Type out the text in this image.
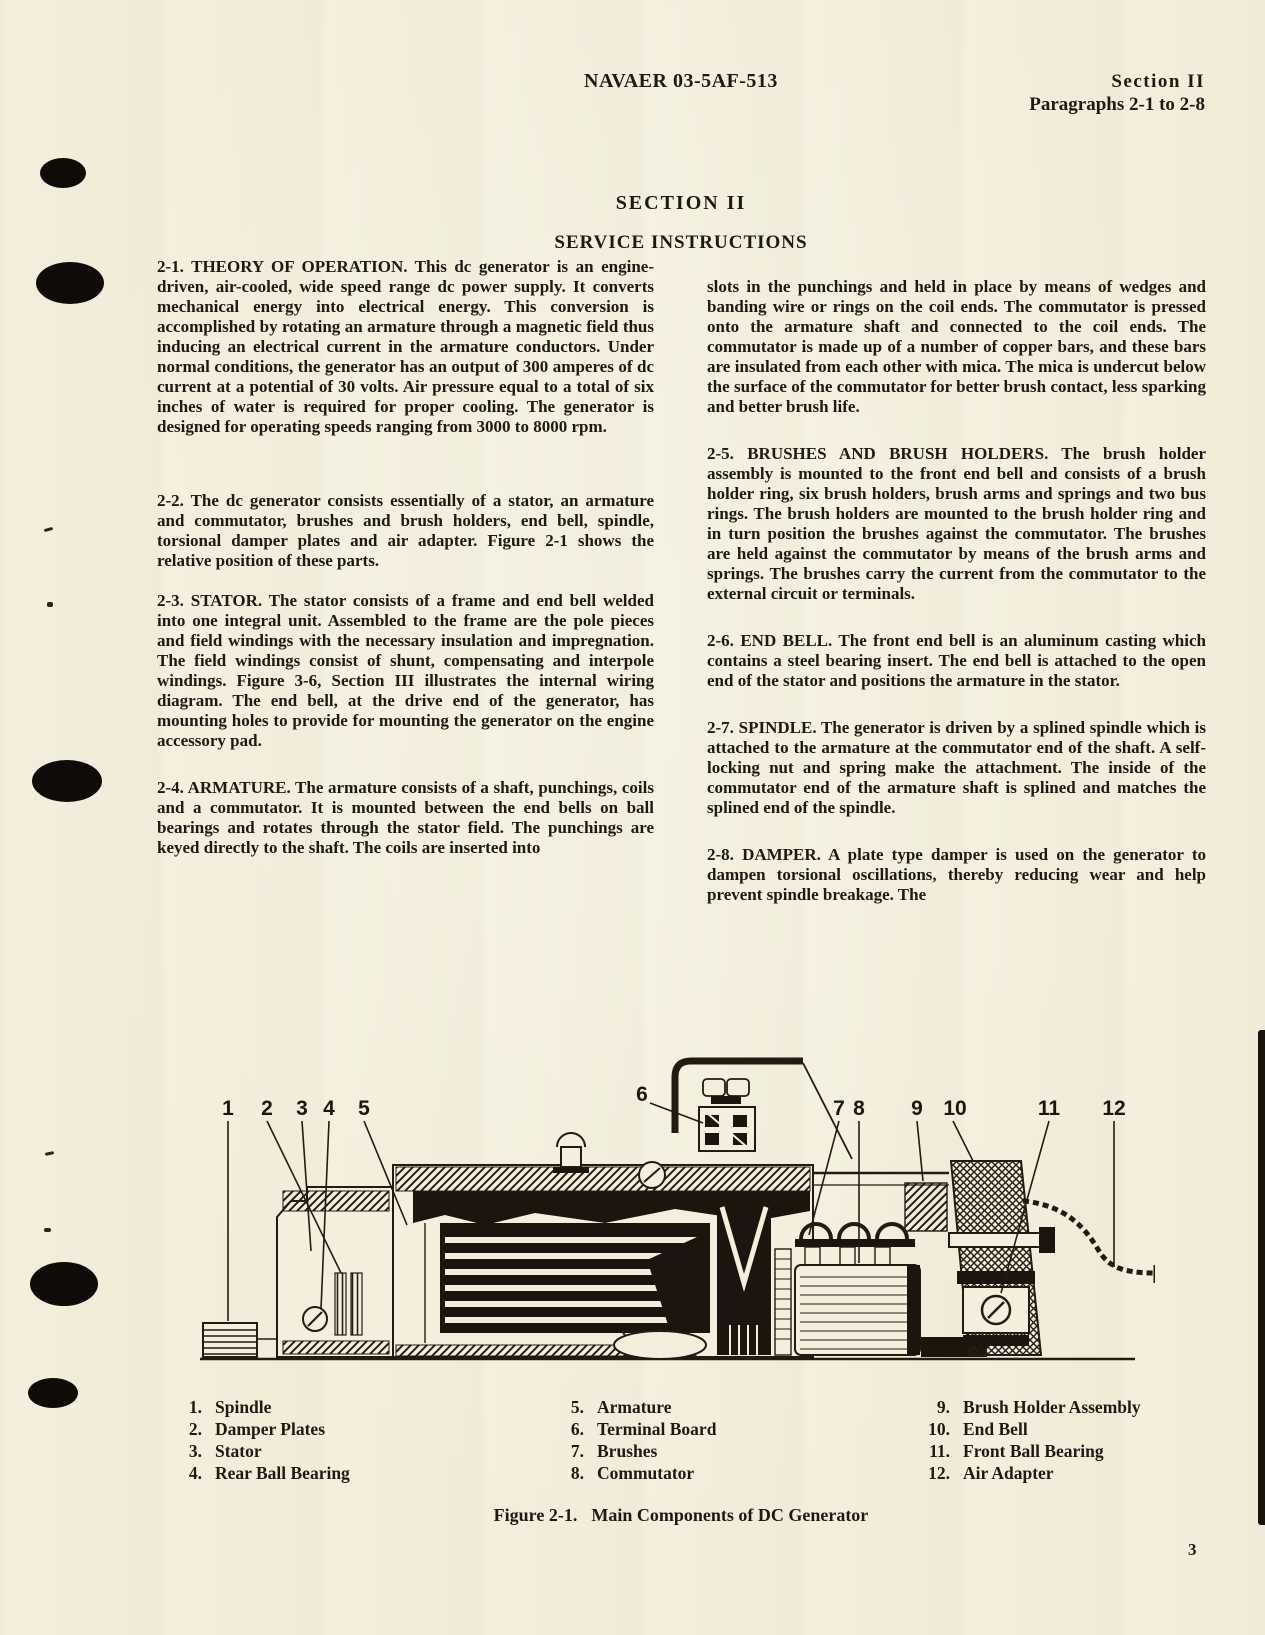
NAVAER 03-5AF-513	Section II
Paragraphs 2-1 to 2-8
SECTION II
SERVICE INSTRUCTIONS

2-1. THEORY OF OPERATION. This dc generator is an engine-driven, air-cooled, wide speed range dc power supply. It converts mechanical energy into electrical energy. This conversion is accomplished by rotating an armature through a magnetic field thus inducing an electrical current in the armature conductors. Under normal conditions, the generator has an output of 300 amperes of dc current at a potential of 30 volts. Air pressure equal to a total of six inches of water is required for proper cooling. The generator is designed for operating speeds ranging from 3000 to 8000 rpm.

2-2. The dc generator consists essentially of a stator, an armature and commutator, brushes and brush holders, end bell, spindle, torsional damper plates and air adapter. Figure 2-1 shows the relative position of these parts.

2-3. STATOR. The stator consists of a frame and end bell welded into one integral unit. Assembled to the frame are the pole pieces and field windings with the necessary insulation and impregnation. The field windings consist of shunt, compensating and interpole windings. Figure 3-6, Section III illustrates the internal wiring diagram. The end bell, at the drive end of the generator, has mounting holes to provide for mounting the generator on the engine accessory pad.

2-4. ARMATURE. The armature consists of a shaft, punchings, coils and a commutator. It is mounted between the end bells on ball bearings and rotates through the stator field. The punchings are keyed directly to the shaft. The coils are inserted into

slots in the punchings and held in place by means of wedges and banding wire or rings on the coil ends. The commutator is pressed onto the armature shaft and connected to the coil ends. The commutator is made up of a number of copper bars, and these bars are insulated from each other with mica. The mica is undercut below the surface of the commutator for better brush contact, less sparking and better brush life.

2-5. BRUSHES AND BRUSH HOLDERS. The brush holder assembly is mounted to the front end bell and consists of a brush holder ring, six brush holders, brush arms and springs and two bus rings. The brush holders are mounted to the brush holder ring and in turn position the brushes against the commutator. The brushes are held against the commutator by means of the brush arms and springs. The brushes carry the current from the commutator to the external circuit or terminals.

2-6. END BELL. The front end bell is an aluminum casting which contains a steel bearing insert. The end bell is attached to the open end of the stator and positions the armature in the stator.

2-7. SPINDLE. The generator is driven by a splined spindle which is attached to the armature at the commutator end of the shaft. A self-locking nut and spring make the attachment. The inside of the commutator end of the armature shaft is splined and matches the splined end of the spindle.

2-8. DAMPER. A plate type damper is used on the generator to dampen torsional oscillations, thereby reducing wear and help prevent spindle breakage. The

1 2 3 4 5
6
7 8 9 10	11 12
1. Spindle
2. Damper Plates
3. Stator
4. Rear Ball Bearing
5. Armature
6. Terminal Board
7. Brushes
8. Commutator
9. Brush Holder Assembly
10. End Bell
11. Front Ball Bearing
12. Air Adapter
Figure 2-1. Main Components of DC Generator
3
